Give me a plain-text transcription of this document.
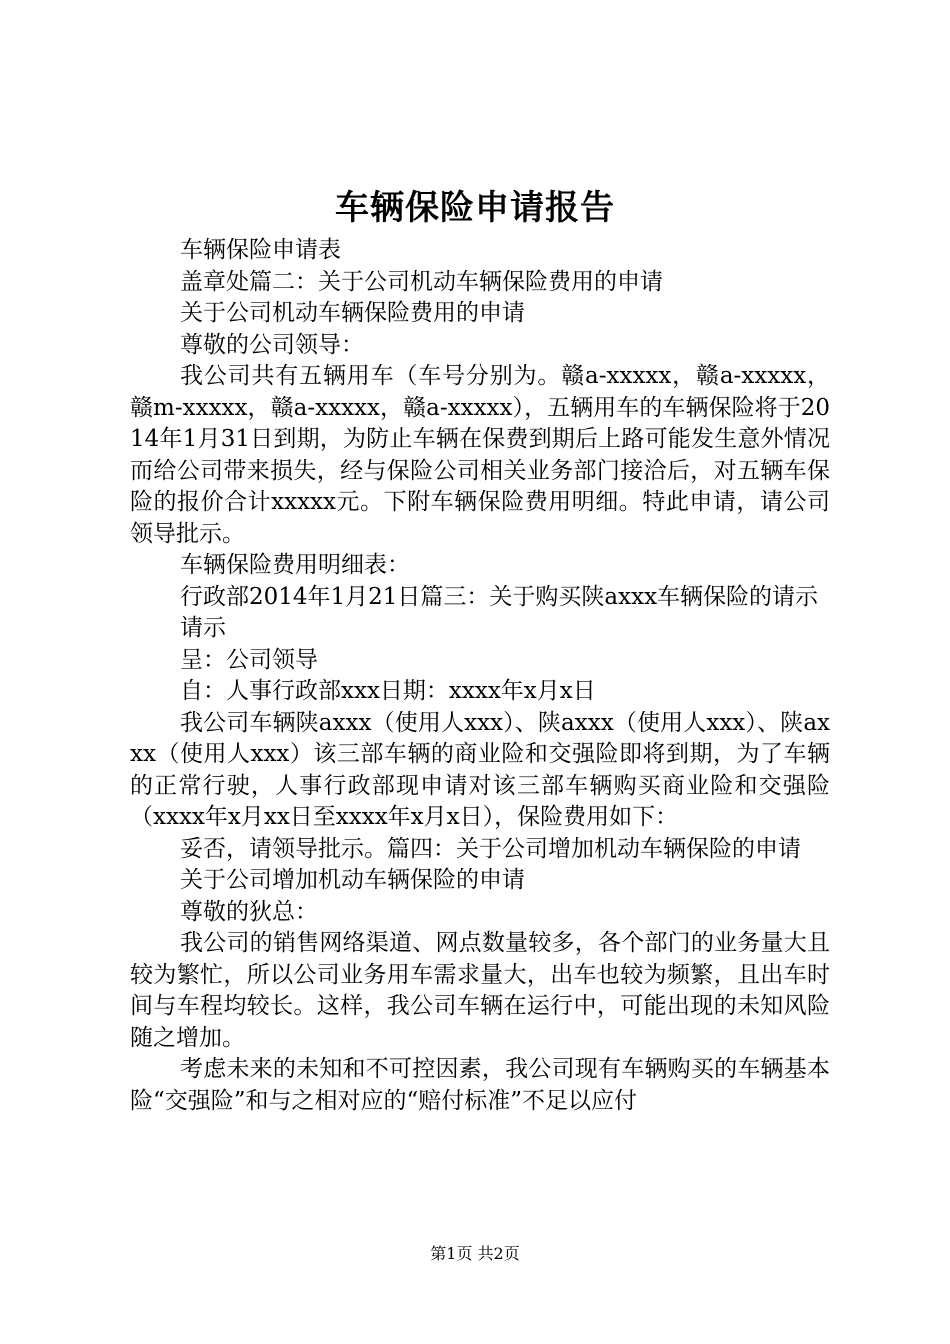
车辆保险申请报告

车辆保险申请表

盖章处篇二：关于公司机动车辆保险费用的申请

关于公司机动车辆保险费用的申请

尊敬的公司领导：

我公司共有五辆用车（车号分别为。赣a-xxxxx，赣a-xxxxx，赣m-xxxxx，赣a-xxxxx，赣a-xxxxx），五辆用车的车辆保险将于2014年1月31日到期，为防止车辆在保费到期后上路可能发生意外情况而给公司带来损失，经与保险公司相关业务部门接洽后，对五辆车保险的报价合计xxxxx元。下附车辆保险费用明细。特此申请，请公司领导批示。

车辆保险费用明细表：

行政部2014年1月21日篇三：关于购买陕axxx车辆保险的请示

请示

呈：公司领导

自：人事行政部xxx日期：xxxx年x月x日

我公司车辆陕axxx（使用人xxx）、陕axxx（使用人xxx）、陕axxx（使用人xxx）该三部车辆的商业险和交强险即将到期，为了车辆的正常行驶，人事行政部现申请对该三部车辆购买商业险和交强险（xxxx年x月xx日至xxxx年x月x日），保险费用如下：

妥否，请领导批示。篇四：关于公司增加机动车辆保险的申请

关于公司增加机动车辆保险的申请

尊敬的狄总：

我公司的销售网络渠道、网点数量较多，各个部门的业务量大且较为繁忙，所以公司业务用车需求量大，出车也较为频繁，且出车时间与车程均较长。这样，我公司车辆在运行中，可能出现的未知风险随之增加。

考虑未来的未知和不可控因素，我公司现有车辆购买的车辆基本险“交强险”和与之相对应的“赔付标准”不足以应付

第1页 共2页
